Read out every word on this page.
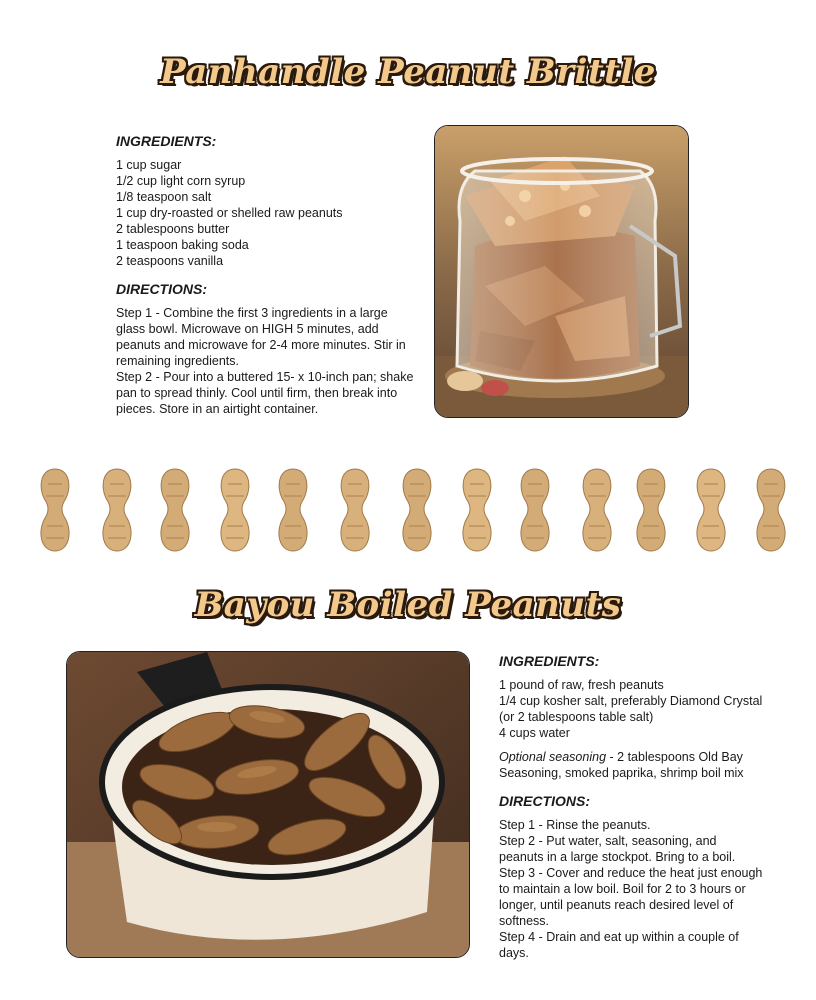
Panhandle Peanut Brittle
INGREDIENTS:
1 cup sugar
1/2 cup light corn syrup
1/8 teaspoon salt
1 cup dry-roasted or shelled raw peanuts
2 tablespoons butter
1 teaspoon baking soda
2 teaspoons vanilla
DIRECTIONS:

Step 1 - Combine the first 3 ingredients in a large glass bowl. Microwave on HIGH 5 minutes, add peanuts and microwave for 2-4 more minutes. Stir in remaining ingredients.

Step 2 - Pour into a buttered 15- x 10-inch pan; shake pan to spread thinly. Cool until firm, then break into pieces. Store in an airtight container.

Bayou Boiled Peanuts
INGREDIENTS:
1 pound of raw, fresh peanuts
1/4 cup kosher salt, preferably Diamond Crystal (or 2 tablespoons table salt)
4 cups water

Optional seasoning - 2 tablespoons Old Bay Seasoning, smoked paprika, shrimp boil mix

DIRECTIONS:

Step 1 - Rinse the peanuts.

Step 2 - Put water, salt, seasoning, and peanuts in a large stockpot. Bring to a boil.

Step 3 - Cover and reduce the heat just enough to maintain a low boil. Boil for 2 to 3 hours or          longer, until peanuts reach desired level of softness.

Step 4 - Drain and eat up within a couple of days.
